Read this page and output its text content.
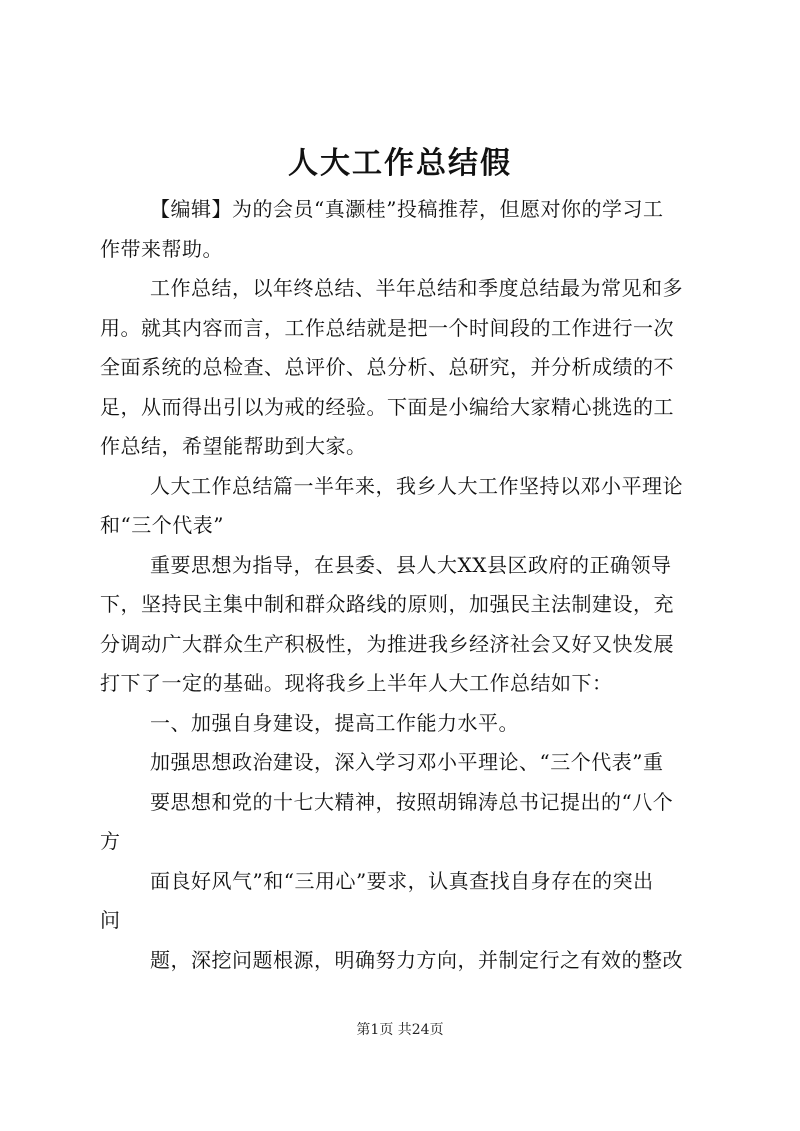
人大工作总结假
【编辑】为的会员“真灏桂”投稿推荐，但愿对你的学习工
作带来帮助。
工作总结，以年终总结、半年总结和季度总结最为常见和多
用。就其内容而言，工作总结就是把一个时间段的工作进行一次
全面系统的总检查、总评价、总分析、总研究，并分析成绩的不
足，从而得出引以为戒的经验。下面是小编给大家精心挑选的工
作总结，希望能帮助到大家。
人大工作总结篇一半年来，我乡人大工作坚持以邓小平理论
和“三个代表”
重要思想为指导，在县委、县人大XX县区政府的正确领导
下，坚持民主集中制和群众路线的原则，加强民主法制建设，充
分调动广大群众生产积极性，为推进我乡经济社会又好又快发展
打下了一定的基础。现将我乡上半年人大工作总结如下：
一、加强自身建设，提高工作能力水平。
加强思想政治建设，深入学习邓小平理论、“三个代表”重
要思想和党的十七大精神，按照胡锦涛总书记提出的“八个
方
面良好风气”和“三用心”要求，认真查找自身存在的突出
问
题，深挖问题根源，明确努力方向，并制定行之有效的整改
第1页 共24页
